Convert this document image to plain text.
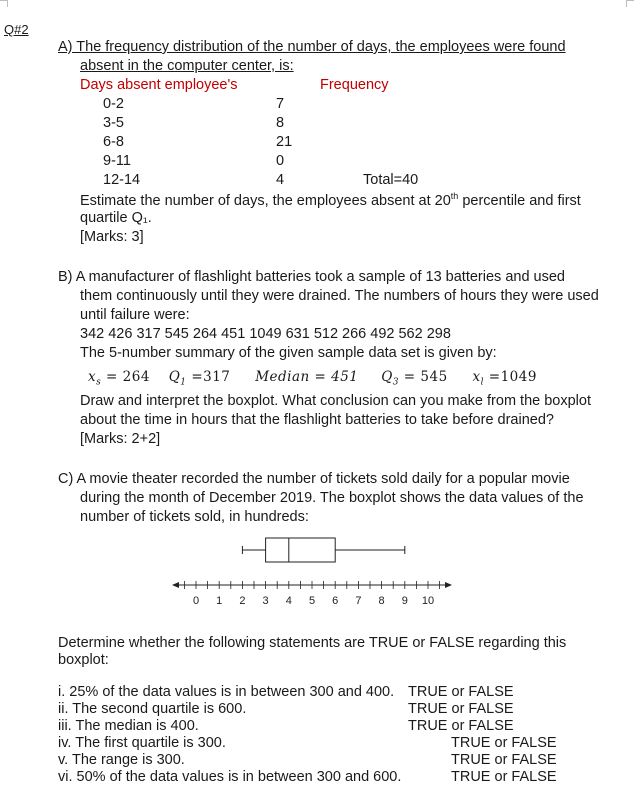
Q#2
A) The frequency distribution of the number of days, the employees were found
absent in the computer center, is:
Days absent employee's	Frequency
0-2	7
3-5	8
6-8	21
9-11	0
12-14	4	Total=40
Estimate the number of days, the employees absent at 20th percentile and first
quartile Q₁.
[Marks: 3]
B) A manufacturer of flashlight batteries took a sample of 13 batteries and used
them continuously until they were drained. The numbers of hours they were used
until failure were:
342 426 317 545 264 451 1049 631 512 266 492 562 298
The 5-number summary of the given sample data set is given by:
$x_s = 264$ $Q_1 =317$ Median = 451 $Q_3 = 545$ $x_l =1049$
Draw and interpret the boxplot. What conclusion can you make from the boxplot
about the time in hours that the flashlight batteries to take before drained?
[Marks: 2+2]
C) A movie theater recorded the number of tickets sold daily for a popular movie
during the month of December 2019. The boxplot shows the data values of the
number of tickets sold, in hundreds:
0 1 2 3 4 5 6 7 8 9 10
Determine whether the following statements are TRUE or FALSE regarding this
boxplot:
i. 25% of the data values is in between 300 and 400. TRUE or FALSE
ii. The second quartile is 600.	TRUE or FALSE
iii. The median is 400.	TRUE or FALSE
iv. The first quartile is 300.	TRUE or FALSE
v. The range is 300.	TRUE or FALSE
vi. 50% of the data values is in between 300 and 600.	TRUE or FALSE
